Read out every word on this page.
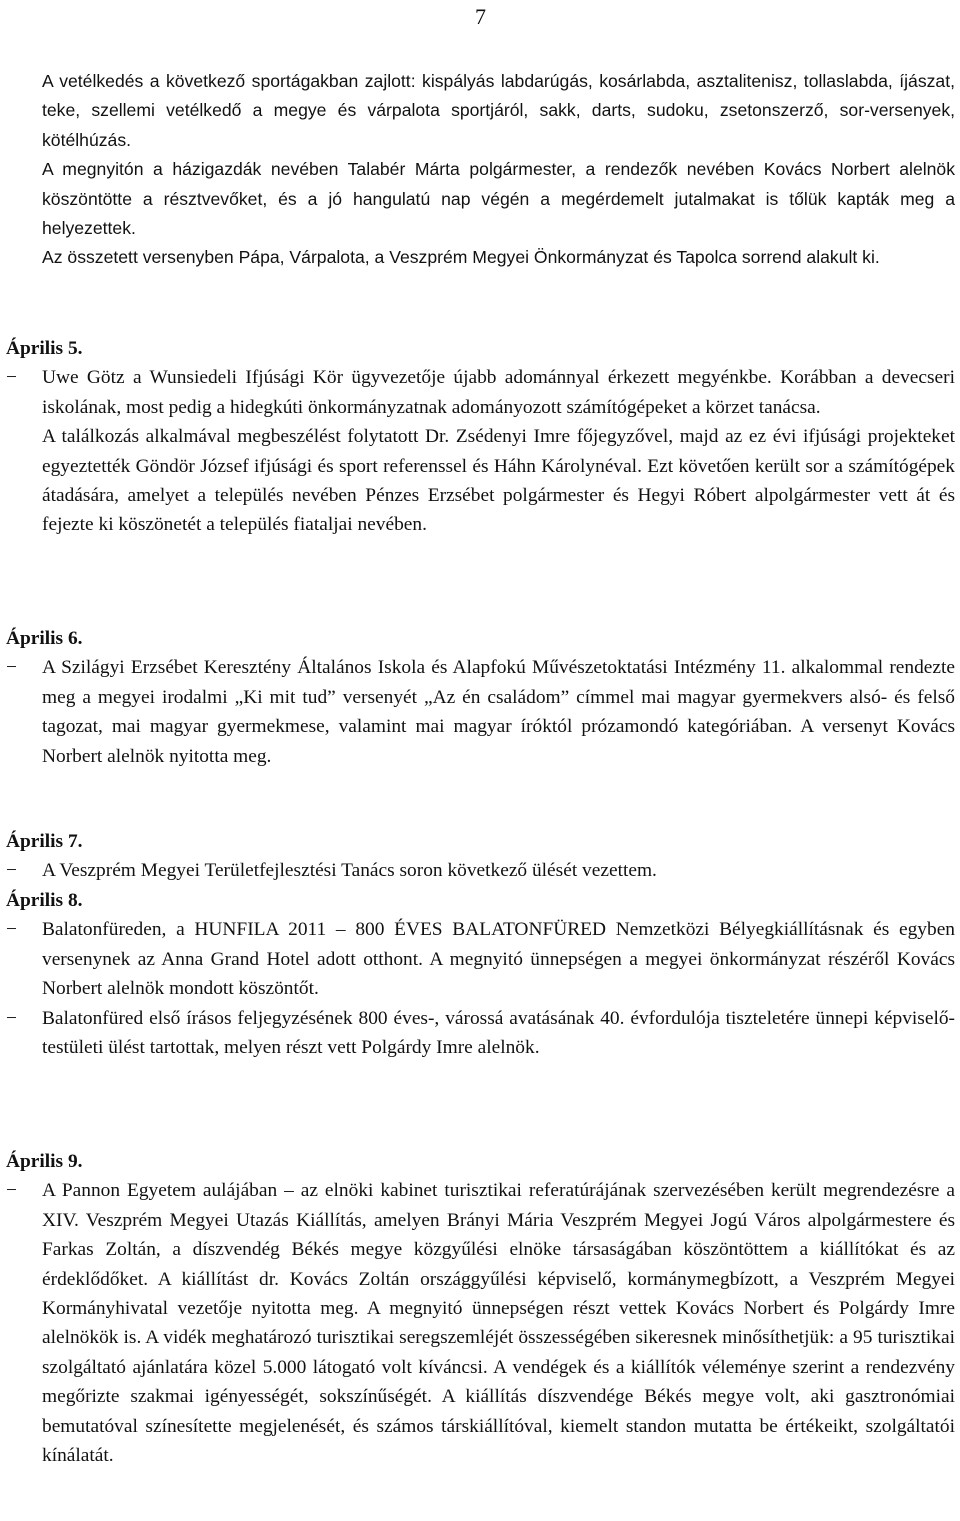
7

A vetélkedés a következő sportágakban zajlott: kispályás labdarúgás, kosárlabda, asztalitenisz, tollaslabda, íjászat, teke, szellemi vetélkedő a megye és várpalota sportjáról, sakk, darts, sudoku, zsetonszerző, sor-versenyek, kötélhúzás.

A megnyitón a házigazdák nevében Talabér Márta polgármester, a rendezők nevében Kovács Norbert alelnök köszöntötte a résztvevőket, és a jó hangulatú nap végén a megérdemelt jutalmakat is tőlük kapták meg a helyezettek.

Az összetett versenyben Pápa, Várpalota, a Veszprém Megyei Önkormányzat és Tapolca sorrend alakult ki.

Április 5.

− Uwe Götz a Wunsiedeli Ifjúsági Kör ügyvezetője újabb adománnyal érkezett megyénkbe. Korábban a devecseri iskolának, most pedig a hidegkúti önkormányzatnak adományozott számítógépeket a körzet tanácsa.

A találkozás alkalmával megbeszélést folytatott Dr. Zsédenyi Imre főjegyzővel, majd az ez évi ifjúsági projekteket egyeztették Göndör József ifjúsági és sport referenssel és Háhn Károlynéval. Ezt követően került sor a számítógépek átadására, amelyet a település nevében Pénzes Erzsébet polgármester és Hegyi Róbert alpolgármester vett át és fejezte ki köszönetét a település fiataljai nevében.

Április 6.

− A Szilágyi Erzsébet Keresztény Általános Iskola és Alapfokú Művészetoktatási Intézmény 11. alkalommal rendezte meg a megyei irodalmi „Ki mit tud” versenyét „Az én családom” címmel mai magyar gyermekvers alsó- és felső tagozat, mai magyar gyermekmese, valamint mai magyar íróktól prózamondó kategóriában. A versenyt Kovács Norbert alelnök nyitotta meg.

Április 7.

− A Veszprém Megyei Területfejlesztési Tanács soron következő ülését vezettem.

Április 8.

− Balatonfüreden, a HUNFILA 2011 – 800 ÉVES BALATONFÜRED Nemzetközi Bélyegkiállításnak és egyben versenynek az Anna Grand Hotel adott otthont. A megnyitó ünnepségen a megyei önkormányzat részéről Kovács Norbert alelnök mondott köszöntőt.
− Balatonfüred első írásos feljegyzésének 800 éves-, várossá avatásának 40. évfordulója tiszteletére ünnepi képviselő-testületi ülést tartottak, melyen részt vett Polgárdy Imre alelnök.

Április 9.

− A Pannon Egyetem aulájában – az elnöki kabinet turisztikai referatúrájának szervezésében került megrendezésre a XIV. Veszprém Megyei Utazás Kiállítás, amelyen Brányi Mária Veszprém Megyei Jogú Város alpolgármestere és Farkas Zoltán, a díszvendég Békés megye közgyűlési elnöke társaságában köszöntöttem a kiállítókat és az érdeklődőket. A kiállítást dr. Kovács Zoltán országgyűlési képviselő, kormánymegbízott, a Veszprém Megyei Kormányhivatal vezetője nyitotta meg. A megnyitó ünnepségen részt vettek Kovács Norbert és Polgárdy Imre alelnökök is. A vidék meghatározó turisztikai seregszemléjét összességében sikeresnek minősíthetjük: a 95 turisztikai szolgáltató ajánlatára közel 5.000 látogató volt kíváncsi. A vendégek és a kiállítók véleménye szerint a rendezvény megőrizte szakmai igényességét, sokszínűségét. A kiállítás díszvendége Békés megye volt, aki gasztronómiai bemutatóval színesítette megjelenését, és számos társkiállítóval, kiemelt standon mutatta be értékeikt, szolgáltatói kínálatát.
